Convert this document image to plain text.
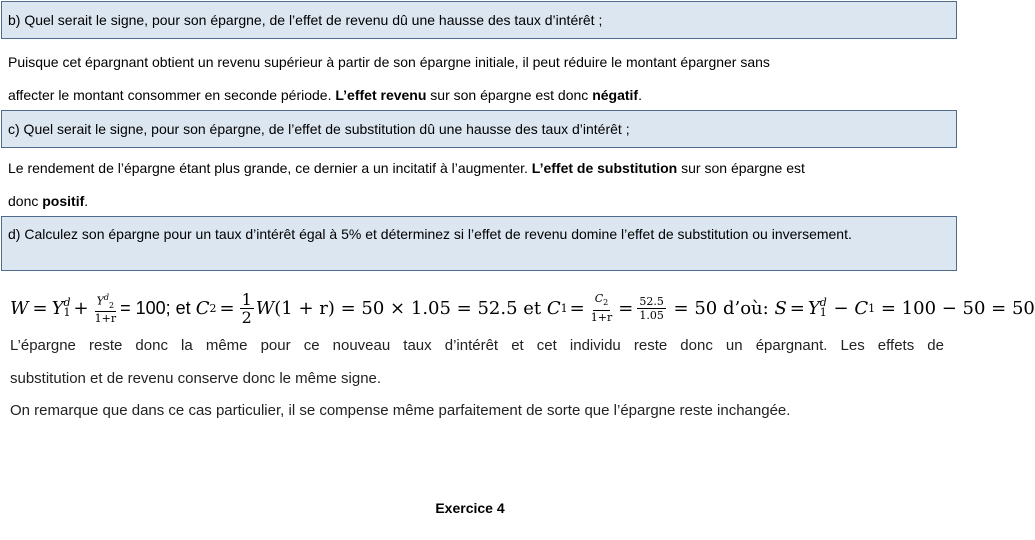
b) Quel serait le signe, pour son épargne, de l’effet de revenu dû une hausse des taux d’intérêt ;

Puisque cet épargnant obtient un revenu supérieur à partir de son épargne initiale, il peut réduire le montant épargner sans

affecter le montant consommer en seconde période. L’effet revenu sur son épargne est donc négatif.

c) Quel serait le signe, pour son épargne, de l’effet de substitution dû une hausse des taux d’intérêt ;

Le rendement de l’épargne étant plus grande, ce dernier a un incitatif à l’augmenter. L’effet de substitution sur son épargne est

donc positif.

d) Calculez son épargne pour un taux d’intérêt égal à 5% et déterminez si l’effet de revenu domine l’effet de substitution ou inversement.
W = Y d
$1 + \frac{Y^d_2}{1+r} = 100$; et C $2 = \frac{1}{2}$ W (1 + r) = 50 × 1.05 = 52.5 et C $1 = \frac{C_2}{1+r} = \frac{52.5}{1.05} = 50$ d’où: S = Y d
1 − C 1 = 100 − 50 = 50

L’épargne reste donc la même pour ce nouveau taux d’intérêt et cet individu reste donc un épargnant. Les effets de

substitution et de revenu conserve donc le même signe.

On remarque que dans ce cas particulier, il se compense même parfaitement de sorte que l’épargne reste inchangée.

Exercice 4
